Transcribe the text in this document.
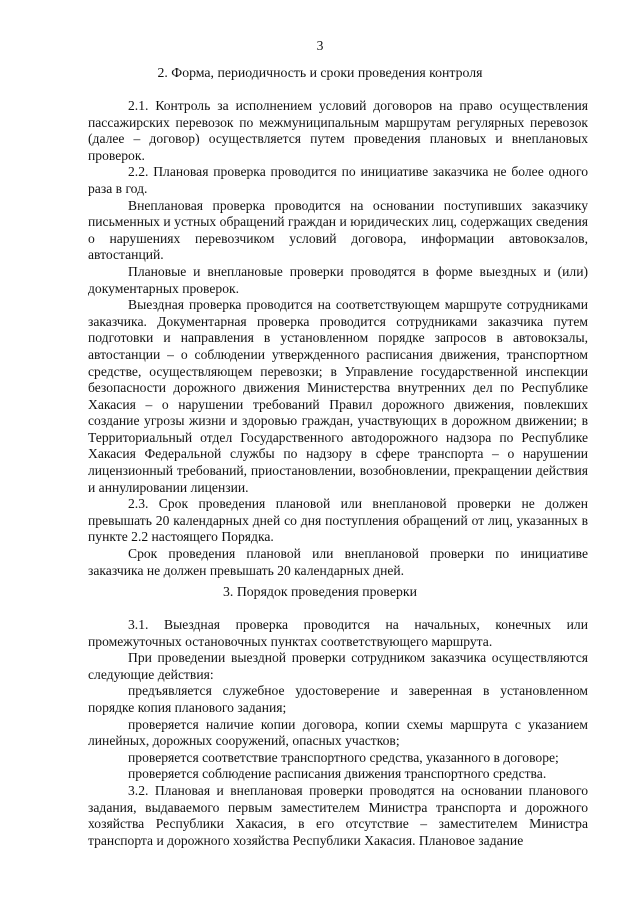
3
2. Форма, периодичность и сроки проведения контроля

2.1. Контроль за исполнением условий договоров на право осуществления пассажирских перевозок по межмуниципальным маршрутам регулярных перевозок (далее – договор) осуществляется путем проведения плановых и внеплановых проверок.

2.2. Плановая проверка проводится по инициативе заказчика не более одного раза в год.

Внеплановая проверка проводится на основании поступивших заказчику письменных и устных обращений граждан и юридических лиц, содержащих сведения о нарушениях перевозчиком условий договора, информации автовокзалов, автостанций.

Плановые и внеплановые проверки проводятся в форме выездных и (или) документарных проверок.

Выездная проверка проводится на соответствующем маршруте сотрудниками заказчика. Документарная проверка проводится сотрудниками заказчика путем подготовки и направления в установленном порядке запросов в автовокзалы, автостанции – о соблюдении утвержденного расписания движения, транспортном средстве, осуществляющем перевозки; в Управление государственной инспекции безопасности дорожного движения Министерства внутренних дел по Республике Хакасия – о нарушении требований Правил дорожного движения, повлекших создание угрозы жизни и здоровью граждан, участвующих в дорожном движении; в Территориальный отдел Государственного автодорожного надзора по Республике Хакасия Федеральной службы по надзору в сфере транспорта – о нарушении лицензионный требований, приостановлении, возобновлении, прекращении действия и аннулировании лицензии.

2.3. Срок проведения плановой или внеплановой проверки не должен превышать 20 календарных дней со дня поступления обращений от лиц, указанных в пункте 2.2 настоящего Порядка.

Срок проведения плановой или внеплановой проверки по инициативе заказчика не должен превышать 20 календарных дней.

3. Порядок проведения проверки

3.1. Выездная проверка проводится на начальных, конечных или промежуточных остановочных пунктах соответствующего маршрута.

При проведении выездной проверки сотрудником заказчика осуществляются следующие действия:

предъявляется служебное удостоверение и заверенная в установленном порядке копия планового задания;

проверяется наличие копии договора, копии схемы маршрута с указанием линейных, дорожных сооружений, опасных участков;

проверяется соответствие транспортного средства, указанного в договоре;

проверяется соблюдение расписания движения транспортного средства.

3.2. Плановая и внеплановая проверки проводятся на основании планового задания, выдаваемого первым заместителем Министра транспорта и дорожного хозяйства Республики Хакасия, в его отсутствие – заместителем Министра транспорта и дорожного хозяйства Республики Хакасия. Плановое задание
